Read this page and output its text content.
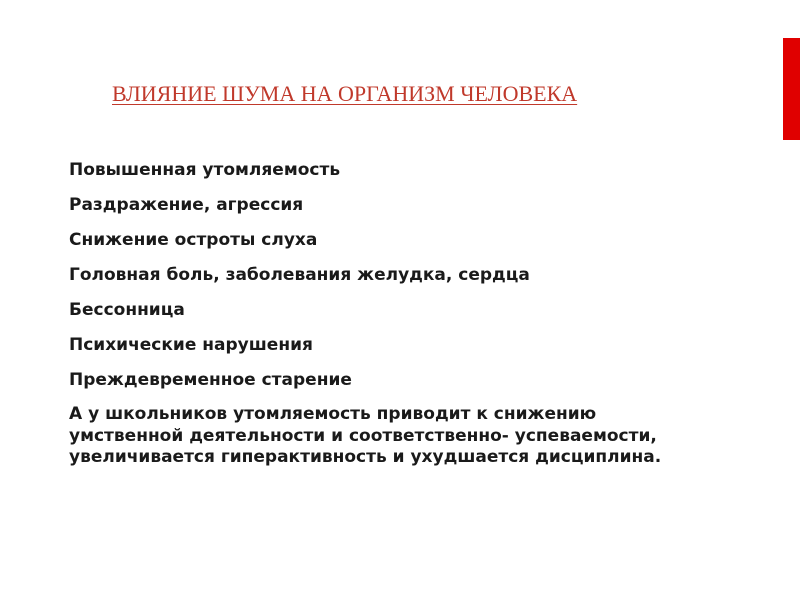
ВЛИЯНИЕ ШУМА НА ОРГАНИЗМ ЧЕЛОВЕКА
Повышенная утомляемость
Раздражение, агрессия
Снижение остроты слуха
Головная боль, заболевания желудка, сердца
Бессонница
Психические нарушения
Преждевременное старение
А у школьников утомляемость приводит к снижению умственной деятельности и соответственно- успеваемости, увеличивается гиперактивность и ухудшается дисциплина.
